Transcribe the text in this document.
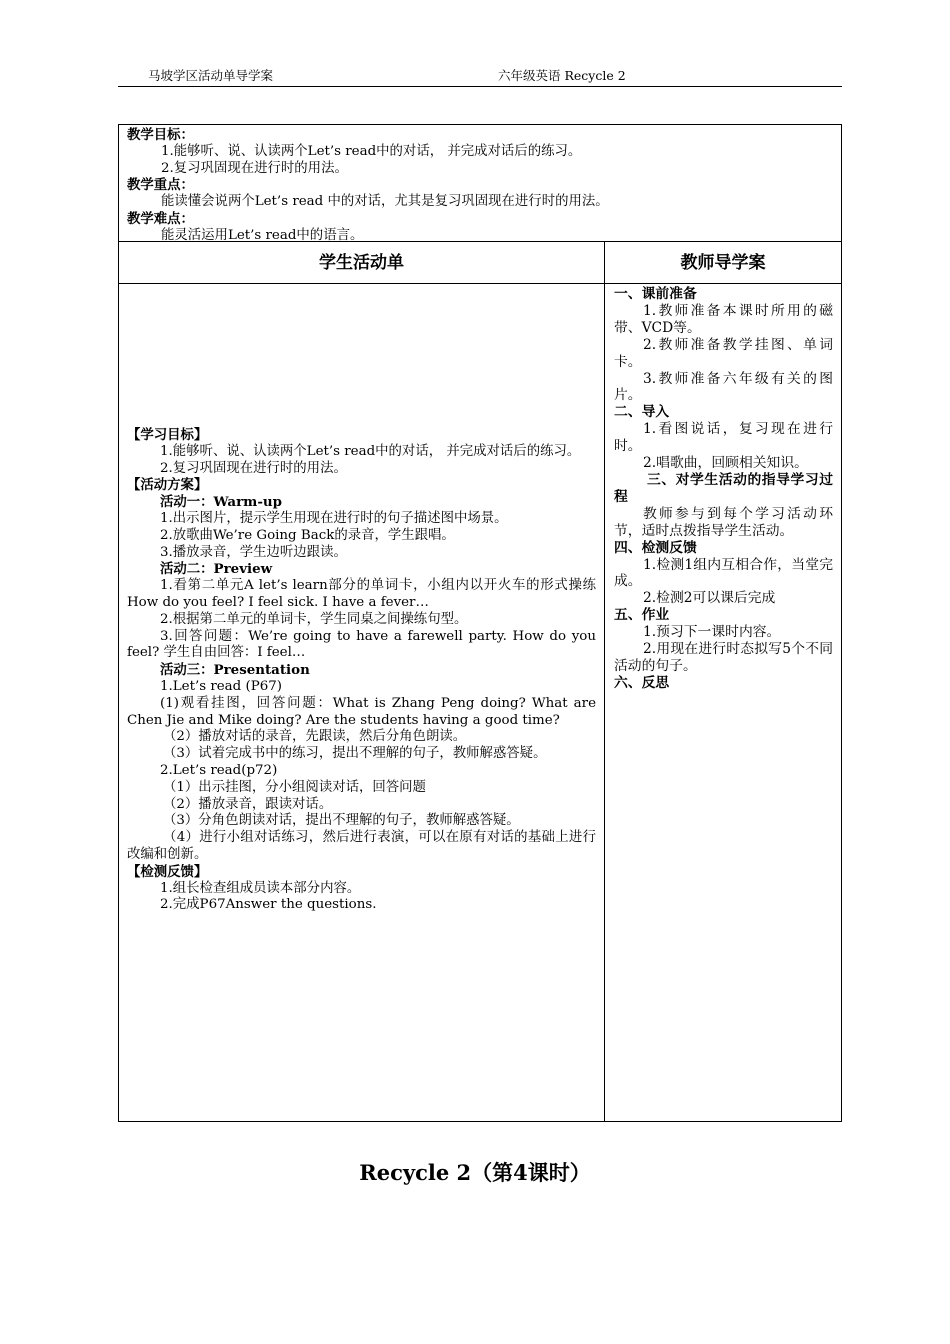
马坡学区活动单导学案	六年级英语 Recycle 2
教学目标：
1.能够听、说、认读两个Let’s read中的对话， 并完成对话后的练习。
2.复习巩固现在进行时的用法。
教学重点：
能读懂会说两个Let’s read 中的对话，尤其是复习巩固现在进行时的用法。
教学难点：
能灵活运用Let’s read中的语言。
学生活动单	教师导学案
【学习目标】
1.能够听、说、认读两个Let’s read中的对话， 并完成对话后的练习。
2.复习巩固现在进行时的用法。
【活动方案】
活动一：Warm-up
1.出示图片，提示学生用现在进行时的句子描述图中场景。
2.放歌曲We’re Going Back的录音，学生跟唱。
3.播放录音，学生边听边跟读。
活动二：Preview
1.看第二单元A let’s learn部分的单词卡，小组内以开火车的形式操练How do you feel? I feel sick. I have a fever…
2.根据第二单元的单词卡，学生同桌之间操练句型。
3.回答问题：We’re going to have a farewell party. How do you feel? 学生自由回答：I feel…
活动三：Presentation
1.Let’s read (P67)
(1)观看挂图，回答问题：What is Zhang Peng doing? What are Chen Jie and Mike doing? Are the students having a good time?
（2）播放对话的录音，先跟读，然后分角色朗读。
（3）试着完成书中的练习，提出不理解的句子，教师解惑答疑。
2.Let’s read(p72)
（1）出示挂图，分小组阅读对话，回答问题
（2）播放录音，跟读对话。
（3）分角色朗读对话，提出不理解的句子，教师解惑答疑。
（4）进行小组对话练习，然后进行表演，可以在原有对话的基础上进行改编和创新。
【检测反馈】
1.组长检查组成员读本部分内容。
2.完成P67Answer the questions.
一、课前准备
1.教师准备本课时所用的磁带、VCD等。
2.教师准备教学挂图、单词卡。
3.教师准备六年级有关的图片。
二、导入
1.看图说话，复习现在进行时。
2.唱歌曲，回顾相关知识。
三、对学生活动的指导学习过程
教师参与到每个学习活动环节，适时点拨指导学生活动。
四、检测反馈
1.检测1组内互相合作，当堂完成。
2.检测2可以课后完成
五、作业
1.预习下一课时内容。
2.用现在进行时态拟写5个不同活动的句子。
六、反思
Recycle 2（第4课时）
